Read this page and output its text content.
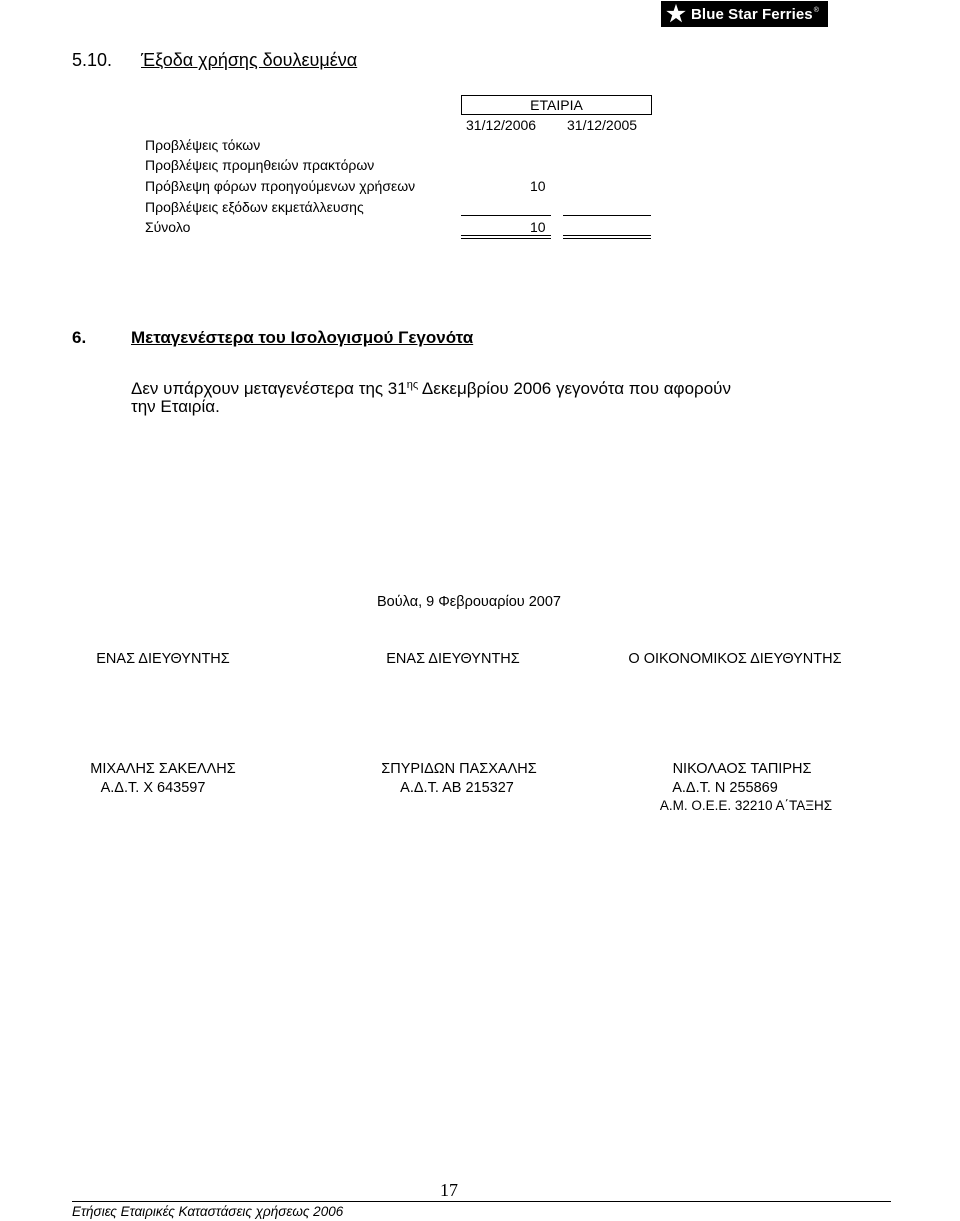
Blue Star Ferries ®
5.10. Έξοδα χρήσης δουλευμένα
ΕΤΑΙΡΙΑ
31/12/2006 31/12/2005
Προβλέψεις τόκων
Προβλέψεις προμηθειών πρακτόρων
Πρόβλεψη φόρων προηγούμενων χρήσεων	10
Προβλέψεις εξόδων εκμετάλλευσης
Σύνολο	10
6.	Μεταγενέστερα του Ισολογισμού Γεγονότα
Δεν υπάρχουν μεταγενέστερα της $31^{\eta\varsigma}$ Δεκεμβρίου 2006 γεγονότα που αφορούν
την Εταιρία.
Βούλα, 9 Φεβρουαρίου 2007
ΕΝΑΣ ΔΙΕΥΘΥΝΤΗΣ	ΕΝΑΣ ΔΙΕΥΘΥΝΤΗΣ	Ο ΟΙΚΟΝΟΜΙΚΟΣ ΔΙΕΥΘΥΝΤΗΣ
ΜΙΧΑΛΗΣ ΣΑΚΕΛΛΗΣ	ΣΠΥΡΙΔΩΝ ΠΑΣΧΑΛΗΣ	ΝΙΚΟΛΑΟΣ ΤΑΠΙΡΗΣ
Α.Δ.Τ. Χ 643597	Α.Δ.Τ. ΑΒ 215327	Α.Δ.Τ. Ν 255869
Α.Μ. Ο.Ε.Ε. 32210 Α΄ΤΑΞΗΣ
17
Ετήσιες Εταιρικές Καταστάσεις χρήσεως 2006
